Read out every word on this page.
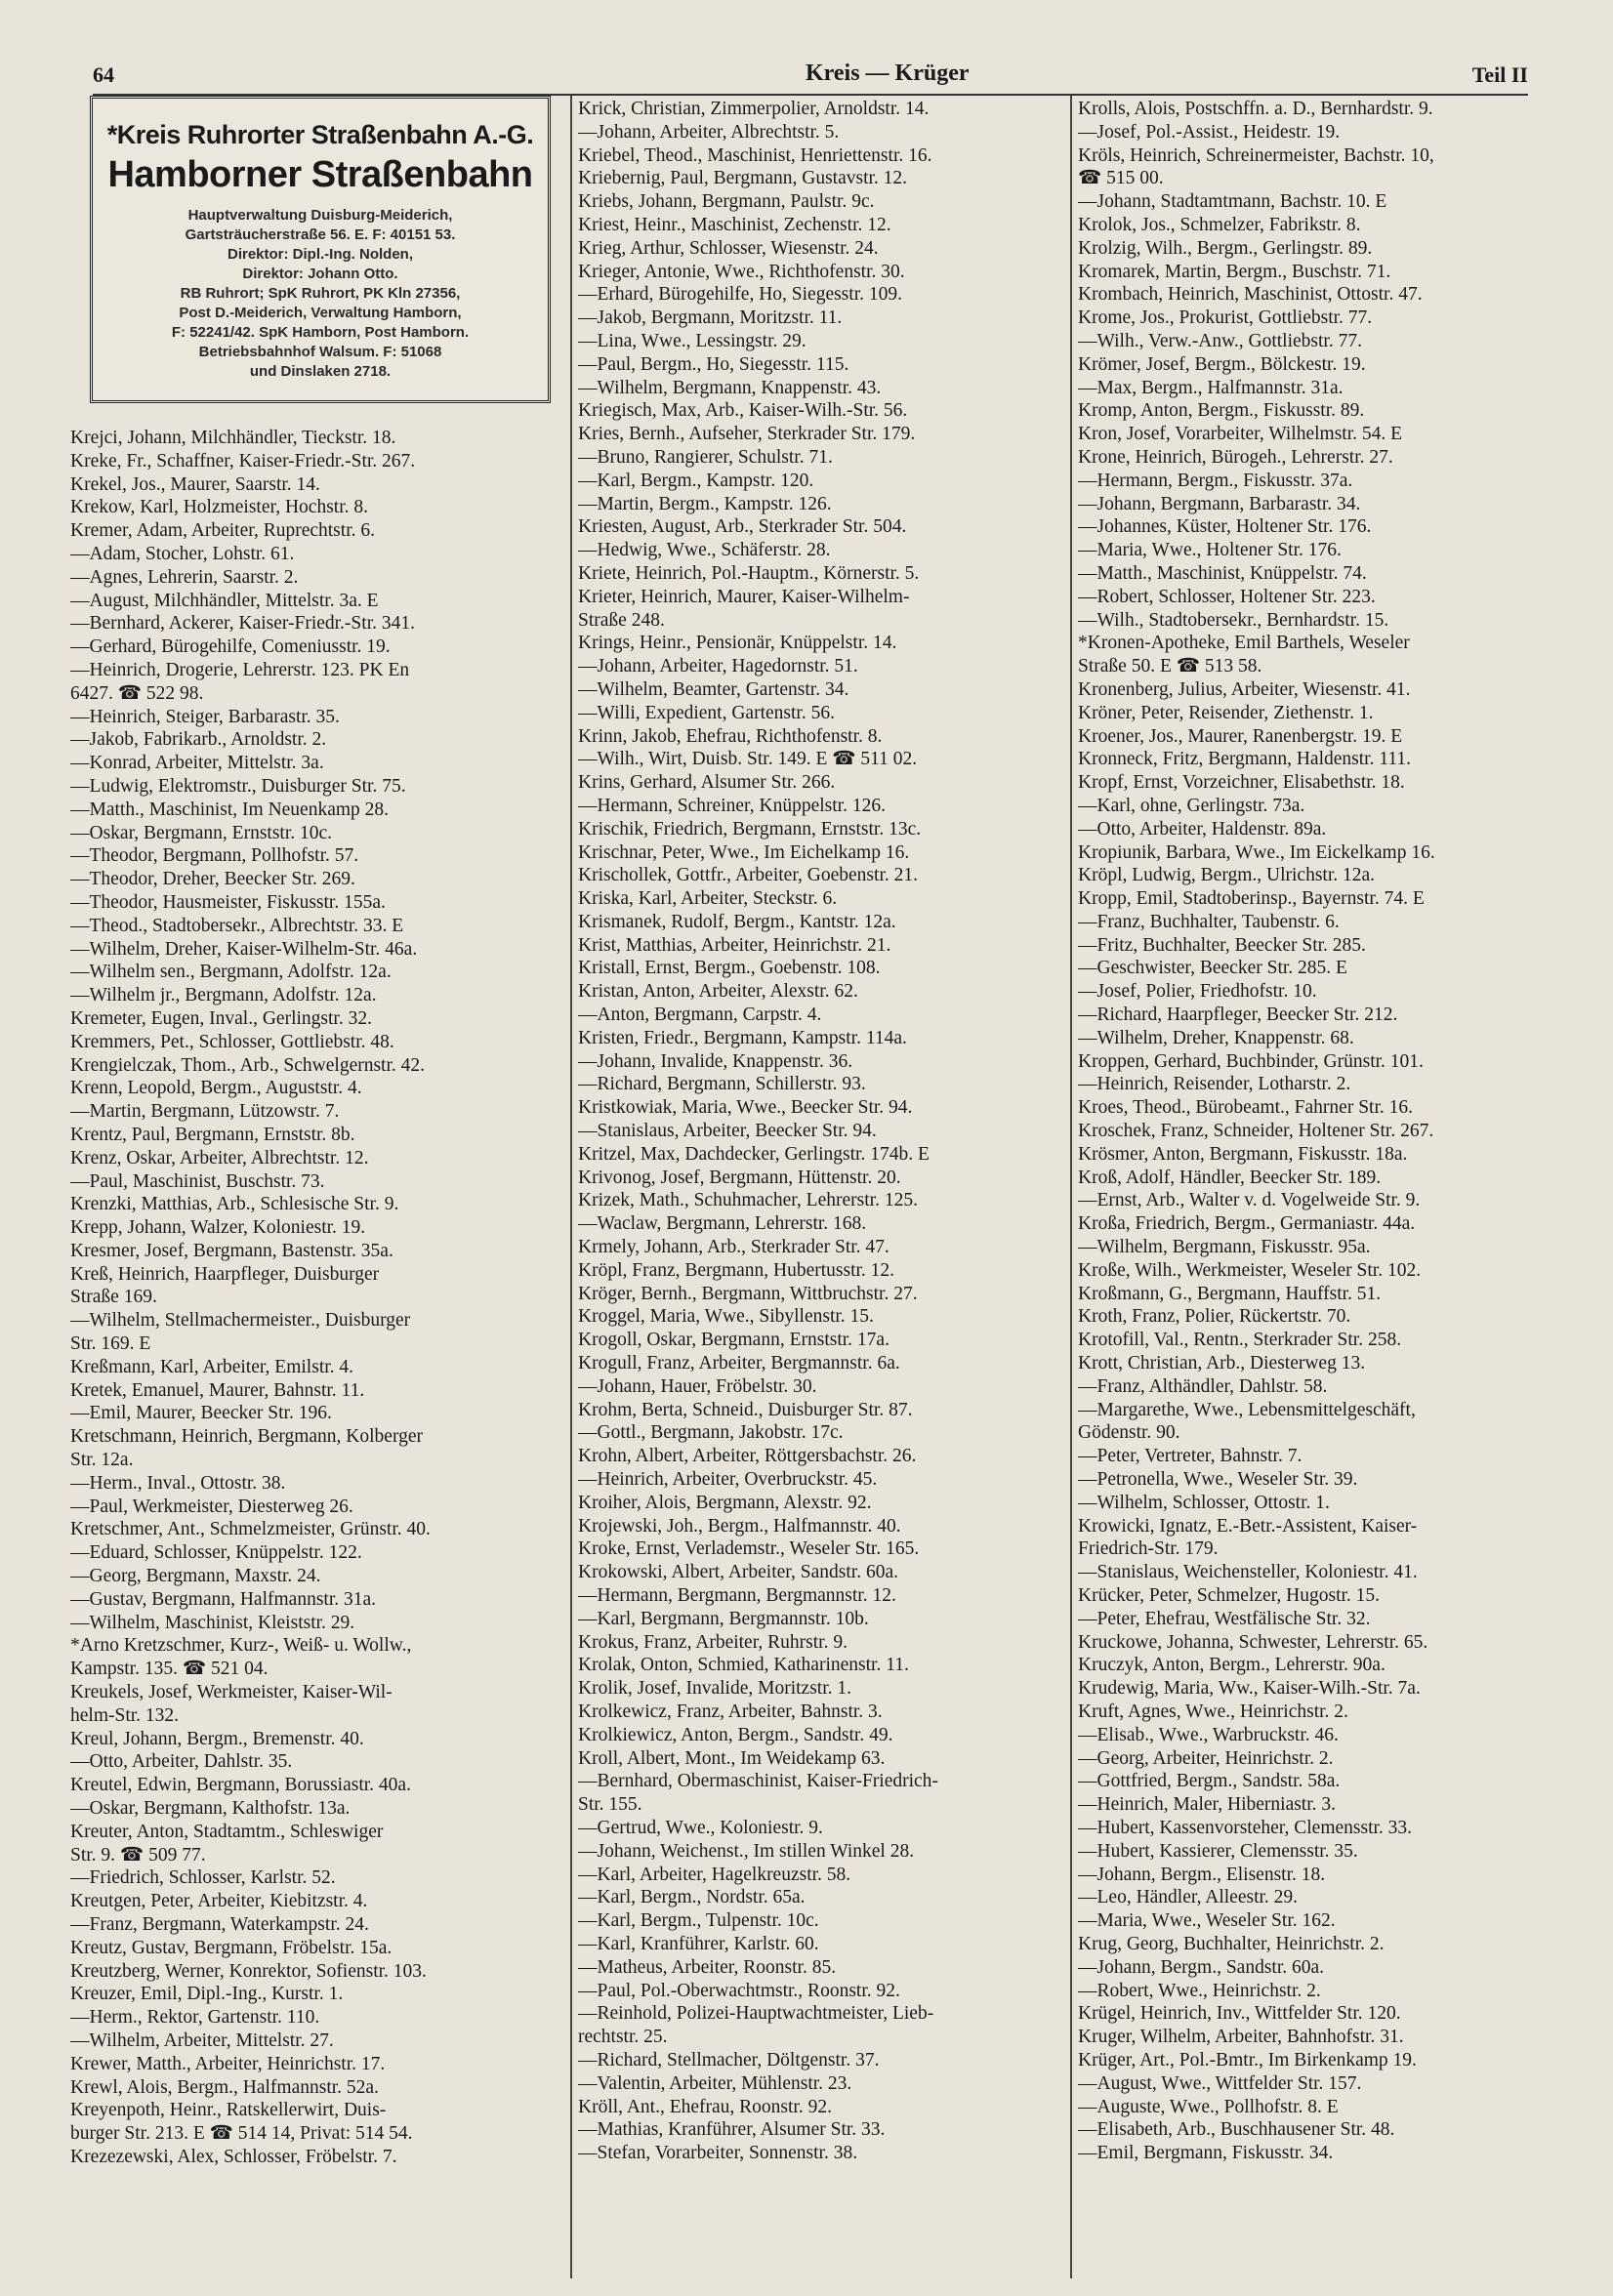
64	Kreis — Krüger	Teil II
*Kreis Ruhrorter Straßenbahn A.-G.
Hamborner Straßenbahn
Hauptverwaltung Duisburg-Meiderich,
Gartsträucherstraße 56. E. F: 40151 53.
Direktor: Dipl.-Ing. Nolden,
Direktor: Johann Otto.
RB Ruhrort; SpK Ruhrort, PK Kln 27356,
Post D.-Meiderich, Verwaltung Hamborn,
F: 52241/42. SpK Hamborn, Post Hamborn.
Betriebsbahnhof Walsum. F: 51068
und Dinslaken 2718.
Krejci, Johann, Milchhändler, Tieckstr. 18.
Kreke, Fr., Schaffner, Kaiser-Friedr.-Str. 267.
Krekel, Jos., Maurer, Saarstr. 14.
Krekow, Karl, Holzmeister, Hochstr. 8.
Kremer, Adam, Arbeiter, Ruprechtstr. 6.
—Adam, Stocher, Lohstr. 61.
—Agnes, Lehrerin, Saarstr. 2.
—August, Milchhändler, Mittelstr. 3a. E
—Bernhard, Ackerer, Kaiser-Friedr.-Str. 341.
—Gerhard, Bürogehilfe, Comeniusstr. 19.
—Heinrich, Drogerie, Lehrerstr. 123. PK En
6427. ☎ 522 98.
—Heinrich, Steiger, Barbarastr. 35.
—Jakob, Fabrikarb., Arnoldstr. 2.
—Konrad, Arbeiter, Mittelstr. 3a.
—Ludwig, Elektromstr., Duisburger Str. 75.
—Matth., Maschinist, Im Neuenkamp 28.
—Oskar, Bergmann, Ernststr. 10c.
—Theodor, Bergmann, Pollhofstr. 57.
—Theodor, Dreher, Beecker Str. 269.
—Theodor, Hausmeister, Fiskusstr. 155a.
—Theod., Stadtobersekr., Albrechtstr. 33. E
—Wilhelm, Dreher, Kaiser-Wilhelm-Str. 46a.
—Wilhelm sen., Bergmann, Adolfstr. 12a.
—Wilhelm jr., Bergmann, Adolfstr. 12a.
Kremeter, Eugen, Inval., Gerlingstr. 32.
Kremmers, Pet., Schlosser, Gottliebstr. 48.
Krengielczak, Thom., Arb., Schwelgernstr. 42.
Krenn, Leopold, Bergm., Auguststr. 4.
—Martin, Bergmann, Lützowstr. 7.
Krentz, Paul, Bergmann, Ernststr. 8b.
Krenz, Oskar, Arbeiter, Albrechtstr. 12.
—Paul, Maschinist, Buschstr. 73.
Krenzki, Matthias, Arb., Schlesische Str. 9.
Krepp, Johann, Walzer, Koloniestr. 19.
Kresmer, Josef, Bergmann, Bastenstr. 35a.
Kreß, Heinrich, Haarpfleger, Duisburger
Straße 169.
—Wilhelm, Stellmachermeister., Duisburger
Str. 169. E
Kreßmann, Karl, Arbeiter, Emilstr. 4.
Kretek, Emanuel, Maurer, Bahnstr. 11.
—Emil, Maurer, Beecker Str. 196.
Kretschmann, Heinrich, Bergmann, Kolberger
Str. 12a.
—Herm., Inval., Ottostr. 38.
—Paul, Werkmeister, Diesterweg 26.
Kretschmer, Ant., Schmelzmeister, Grünstr. 40.
—Eduard, Schlosser, Knüppelstr. 122.
—Georg, Bergmann, Maxstr. 24.
—Gustav, Bergmann, Halfmannstr. 31a.
—Wilhelm, Maschinist, Kleiststr. 29.
*Arno Kretzschmer, Kurz-, Weiß- u. Wollw.,
Kampstr. 135. ☎ 521 04.
Kreukels, Josef, Werkmeister, Kaiser-Wil-
helm-Str. 132.
Kreul, Johann, Bergm., Bremenstr. 40.
—Otto, Arbeiter, Dahlstr. 35.
Kreutel, Edwin, Bergmann, Borussiastr. 40a.
—Oskar, Bergmann, Kalthofstr. 13a.
Kreuter, Anton, Stadtamtm., Schleswiger
Str. 9. ☎ 509 77.
—Friedrich, Schlosser, Karlstr. 52.
Kreutgen, Peter, Arbeiter, Kiebitzstr. 4.
—Franz, Bergmann, Waterkampstr. 24.
Kreutz, Gustav, Bergmann, Fröbelstr. 15a.
Kreutzberg, Werner, Konrektor, Sofienstr. 103.
Kreuzer, Emil, Dipl.-Ing., Kurstr. 1.
—Herm., Rektor, Gartenstr. 110.
—Wilhelm, Arbeiter, Mittelstr. 27.
Krewer, Matth., Arbeiter, Heinrichstr. 17.
Krewl, Alois, Bergm., Halfmannstr. 52a.
Kreyenpoth, Heinr., Ratskellerwirt, Duis-
burger Str. 213. E ☎ 514 14, Privat: 514 54.
Krezezewski, Alex, Schlosser, Fröbelstr. 7.
Krick, Christian, Zimmerpolier, Arnoldstr. 14.
—Johann, Arbeiter, Albrechtstr. 5.
Kriebel, Theod., Maschinist, Henriettenstr. 16.
Kriebernig, Paul, Bergmann, Gustavstr. 12.
Kriebs, Johann, Bergmann, Paulstr. 9c.
Kriest, Heinr., Maschinist, Zechenstr. 12.
Krieg, Arthur, Schlosser, Wiesenstr. 24.
Krieger, Antonie, Wwe., Richthofenstr. 30.
—Erhard, Bürogehilfe, Ho, Siegesstr. 109.
—Jakob, Bergmann, Moritzstr. 11.
—Lina, Wwe., Lessingstr. 29.
—Paul, Bergm., Ho, Siegesstr. 115.
—Wilhelm, Bergmann, Knappenstr. 43.
Kriegisch, Max, Arb., Kaiser-Wilh.-Str. 56.
Kries, Bernh., Aufseher, Sterkrader Str. 179.
—Bruno, Rangierer, Schulstr. 71.
—Karl, Bergm., Kampstr. 120.
—Martin, Bergm., Kampstr. 126.
Kriesten, August, Arb., Sterkrader Str. 504.
—Hedwig, Wwe., Schäferstr. 28.
Kriete, Heinrich, Pol.-Hauptm., Körnerstr. 5.
Krieter, Heinrich, Maurer, Kaiser-Wilhelm-
Straße 248.
Krings, Heinr., Pensionär, Knüppelstr. 14.
—Johann, Arbeiter, Hagedornstr. 51.
—Wilhelm, Beamter, Gartenstr. 34.
—Willi, Expedient, Gartenstr. 56.
Krinn, Jakob, Ehefrau, Richthofenstr. 8.
—Wilh., Wirt, Duisb. Str. 149. E ☎ 511 02.
Krins, Gerhard, Alsumer Str. 266.
—Hermann, Schreiner, Knüppelstr. 126.
Krischik, Friedrich, Bergmann, Ernststr. 13c.
Krischnar, Peter, Wwe., Im Eichelkamp 16.
Krischollek, Gottfr., Arbeiter, Goebenstr. 21.
Kriska, Karl, Arbeiter, Steckstr. 6.
Krismanek, Rudolf, Bergm., Kantstr. 12a.
Krist, Matthias, Arbeiter, Heinrichstr. 21.
Kristall, Ernst, Bergm., Goebenstr. 108.
Kristan, Anton, Arbeiter, Alexstr. 62.
—Anton, Bergmann, Carpstr. 4.
Kristen, Friedr., Bergmann, Kampstr. 114a.
—Johann, Invalide, Knappenstr. 36.
—Richard, Bergmann, Schillerstr. 93.
Kristkowiak, Maria, Wwe., Beecker Str. 94.
—Stanislaus, Arbeiter, Beecker Str. 94.
Kritzel, Max, Dachdecker, Gerlingstr. 174b. E
Krivonog, Josef, Bergmann, Hüttenstr. 20.
Krizek, Math., Schuhmacher, Lehrerstr. 125.
—Waclaw, Bergmann, Lehrerstr. 168.
Krmely, Johann, Arb., Sterkrader Str. 47.
Kröpl, Franz, Bergmann, Hubertusstr. 12.
Kröger, Bernh., Bergmann, Wittbruchstr. 27.
Kroggel, Maria, Wwe., Sibyllenstr. 15.
Krogoll, Oskar, Bergmann, Ernststr. 17a.
Krogull, Franz, Arbeiter, Bergmannstr. 6a.
—Johann, Hauer, Fröbelstr. 30.
Krohm, Berta, Schneid., Duisburger Str. 87.
—Gottl., Bergmann, Jakobstr. 17c.
Krohn, Albert, Arbeiter, Röttgersbachstr. 26.
—Heinrich, Arbeiter, Overbruckstr. 45.
Kroiher, Alois, Bergmann, Alexstr. 92.
Krojewski, Joh., Bergm., Halfmannstr. 40.
Kroke, Ernst, Verlademstr., Weseler Str. 165.
Krokowski, Albert, Arbeiter, Sandstr. 60a.
—Hermann, Bergmann, Bergmannstr. 12.
—Karl, Bergmann, Bergmannstr. 10b.
Krokus, Franz, Arbeiter, Ruhrstr. 9.
Krolak, Onton, Schmied, Katharinenstr. 11.
Krolik, Josef, Invalide, Moritzstr. 1.
Krolkewicz, Franz, Arbeiter, Bahnstr. 3.
Krolkiewicz, Anton, Bergm., Sandstr. 49.
Kroll, Albert, Mont., Im Weidekamp 63.
—Bernhard, Obermaschinist, Kaiser-Friedrich-
Str. 155.
—Gertrud, Wwe., Koloniestr. 9.
—Johann, Weichenst., Im stillen Winkel 28.
—Karl, Arbeiter, Hagelkreuzstr. 58.
—Karl, Bergm., Nordstr. 65a.
—Karl, Bergm., Tulpenstr. 10c.
—Karl, Kranführer, Karlstr. 60.
—Matheus, Arbeiter, Roonstr. 85.
—Paul, Pol.-Oberwachtmstr., Roonstr. 92.
—Reinhold, Polizei-Hauptwachtmeister, Lieb-
rechtstr. 25.
—Richard, Stellmacher, Döltgenstr. 37.
—Valentin, Arbeiter, Mühlenstr. 23.
Kröll, Ant., Ehefrau, Roonstr. 92.
—Mathias, Kranführer, Alsumer Str. 33.
—Stefan, Vorarbeiter, Sonnenstr. 38.
Krolls, Alois, Postschffn. a. D., Bernhardstr. 9.
—Josef, Pol.-Assist., Heidestr. 19.
Kröls, Heinrich, Schreinermeister, Bachstr. 10,
☎ 515 00.
—Johann, Stadtamtmann, Bachstr. 10. E
Krolok, Jos., Schmelzer, Fabrikstr. 8.
Krolzig, Wilh., Bergm., Gerlingstr. 89.
Kromarek, Martin, Bergm., Buschstr. 71.
Krombach, Heinrich, Maschinist, Ottostr. 47.
Krome, Jos., Prokurist, Gottliebstr. 77.
—Wilh., Verw.-Anw., Gottliebstr. 77.
Krömer, Josef, Bergm., Bölckestr. 19.
—Max, Bergm., Halfmannstr. 31a.
Kromp, Anton, Bergm., Fiskusstr. 89.
Kron, Josef, Vorarbeiter, Wilhelmstr. 54. E
Krone, Heinrich, Bürogeh., Lehrerstr. 27.
—Hermann, Bergm., Fiskusstr. 37a.
—Johann, Bergmann, Barbarastr. 34.
—Johannes, Küster, Holtener Str. 176.
—Maria, Wwe., Holtener Str. 176.
—Matth., Maschinist, Knüppelstr. 74.
—Robert, Schlosser, Holtener Str. 223.
—Wilh., Stadtobersekr., Bernhardstr. 15.
*Kronen-Apotheke, Emil Barthels, Weseler
Straße 50. E ☎ 513 58.
Kronenberg, Julius, Arbeiter, Wiesenstr. 41.
Kröner, Peter, Reisender, Ziethenstr. 1.
Kroener, Jos., Maurer, Ranenbergstr. 19. E
Kronneck, Fritz, Bergmann, Haldenstr. 111.
Kropf, Ernst, Vorzeichner, Elisabethstr. 18.
—Karl, ohne, Gerlingstr. 73a.
—Otto, Arbeiter, Haldenstr. 89a.
Kropiunik, Barbara, Wwe., Im Eickelkamp 16.
Kröpl, Ludwig, Bergm., Ulrichstr. 12a.
Kropp, Emil, Stadtoberinsp., Bayernstr. 74. E
—Franz, Buchhalter, Taubenstr. 6.
—Fritz, Buchhalter, Beecker Str. 285.
—Geschwister, Beecker Str. 285. E
—Josef, Polier, Friedhofstr. 10.
—Richard, Haarpfleger, Beecker Str. 212.
—Wilhelm, Dreher, Knappenstr. 68.
Kroppen, Gerhard, Buchbinder, Grünstr. 101.
—Heinrich, Reisender, Lotharstr. 2.
Kroes, Theod., Bürobeamt., Fahrner Str. 16.
Kroschek, Franz, Schneider, Holtener Str. 267.
Krösmer, Anton, Bergmann, Fiskusstr. 18a.
Kroß, Adolf, Händler, Beecker Str. 189.
—Ernst, Arb., Walter v. d. Vogelweide Str. 9.
Kroßa, Friedrich, Bergm., Germaniastr. 44a.
—Wilhelm, Bergmann, Fiskusstr. 95a.
Kroße, Wilh., Werkmeister, Weseler Str. 102.
Kroßmann, G., Bergmann, Hauffstr. 51.
Kroth, Franz, Polier, Rückertstr. 70.
Krotofill, Val., Rentn., Sterkrader Str. 258.
Krott, Christian, Arb., Diesterweg 13.
—Franz, Althändler, Dahlstr. 58.
—Margarethe, Wwe., Lebensmittelgeschäft,
Gödenstr. 90.
—Peter, Vertreter, Bahnstr. 7.
—Petronella, Wwe., Weseler Str. 39.
—Wilhelm, Schlosser, Ottostr. 1.
Krowicki, Ignatz, E.-Betr.-Assistent, Kaiser-
Friedrich-Str. 179.
—Stanislaus, Weichensteller, Koloniestr. 41.
Krücker, Peter, Schmelzer, Hugostr. 15.
—Peter, Ehefrau, Westfälische Str. 32.
Kruckowe, Johanna, Schwester, Lehrerstr. 65.
Kruczyk, Anton, Bergm., Lehrerstr. 90a.
Krudewig, Maria, Ww., Kaiser-Wilh.-Str. 7a.
Kruft, Agnes, Wwe., Heinrichstr. 2.
—Elisab., Wwe., Warbruckstr. 46.
—Georg, Arbeiter, Heinrichstr. 2.
—Gottfried, Bergm., Sandstr. 58a.
—Heinrich, Maler, Hiberniastr. 3.
—Hubert, Kassenvorsteher, Clemensstr. 33.
—Hubert, Kassierer, Clemensstr. 35.
—Johann, Bergm., Elisenstr. 18.
—Leo, Händler, Alleestr. 29.
—Maria, Wwe., Weseler Str. 162.
Krug, Georg, Buchhalter, Heinrichstr. 2.
—Johann, Bergm., Sandstr. 60a.
—Robert, Wwe., Heinrichstr. 2.
Krügel, Heinrich, Inv., Wittfelder Str. 120.
Kruger, Wilhelm, Arbeiter, Bahnhofstr. 31.
Krüger, Art., Pol.-Bmtr., Im Birkenkamp 19.
—August, Wwe., Wittfelder Str. 157.
—Auguste, Wwe., Pollhofstr. 8. E
—Elisabeth, Arb., Buschhausener Str. 48.
—Emil, Bergmann, Fiskusstr. 34.
